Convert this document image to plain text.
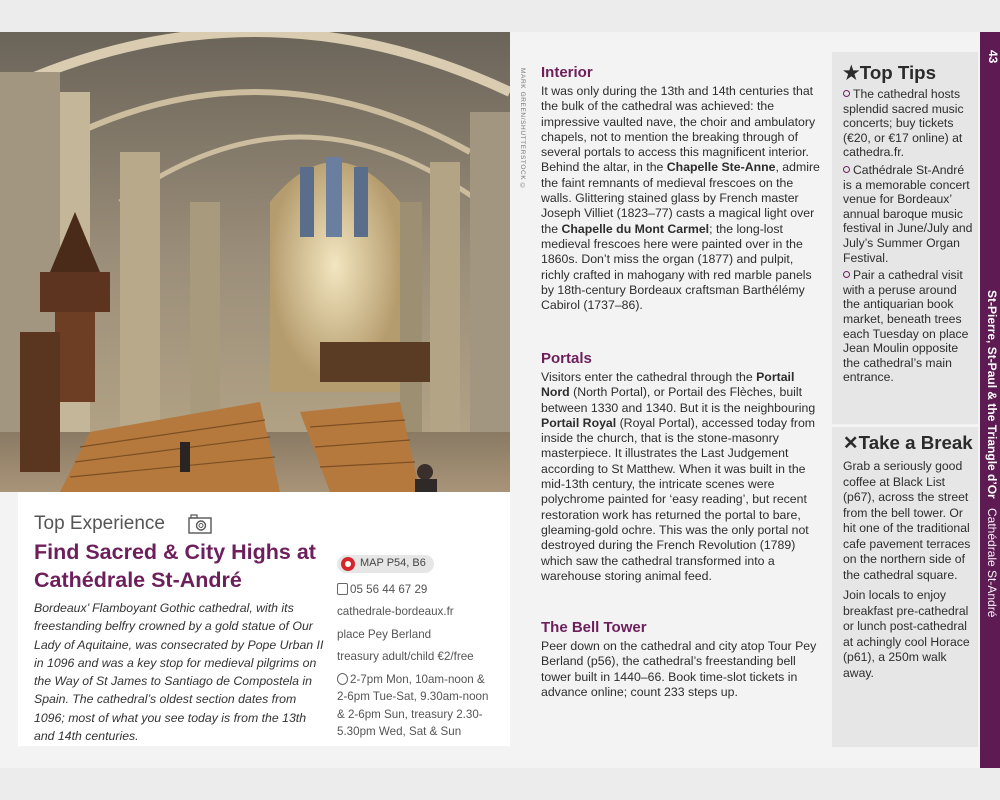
MARK GREEN/SHUTTERSTOCK ©
Top Experience
Find Sacred & City Highs at Cathédrale St-André
Bordeaux’ Flamboyant Gothic cathedral, with its freestanding belfry crowned by a gold statue of Our Lady of Aquitaine, was consecrated by Pope Urban II in 1096 and was a key stop for medieval pilgrims on the Way of St James to Santiago de Compostela in Spain. The cathedral’s oldest section dates from 1096; most of what you see today is from the 13th and 14th centuries.
MAP P54, B6
05 56 44 67 29
cathedrale-bordeaux.fr
place Pey Berland
treasury adult/child €2/free
2-7pm Mon, 10am-noon & 2-6pm Tue-Sat, 9.30am-noon & 2-6pm Sun, treasury 2.30-5.30pm Wed, Sat & Sun
Interior

It was only during the 13th and 14th centuries that the bulk of the cathedral was achieved: the impressive vaulted nave, the choir and ambulatory chapels, not to mention the breaking through of several portals to access this magnificent interior. Behind the altar, in the Chapelle Ste-Anne, admire the faint remnants of medieval frescoes on the walls. Glittering stained glass by French master Joseph Villiet (1823–77) casts a magical light over the Chapelle du Mont Carmel; the long-lost medieval frescoes here were painted over in the 1860s. Don’t miss the organ (1877) and pulpit, richly crafted in mahogany with red marble panels by 18th-century Bordeaux craftsman Barthélémy Cabirol (1737–86).

Portals

Visitors enter the cathedral through the Portail Nord (North Portal), or Portail des Flèches, built between 1330 and 1340. But it is the neighbouring Portail Royal (Royal Portal), accessed today from inside the church, that is the stone-masonry masterpiece. It illustrates the Last Judgement according to St Matthew. When it was built in the mid-13th century, the intricate scenes were polychrome painted for ‘easy reading’, but recent restoration work has returned the portal to bare, gleaming-gold ochre. This was the only portal not destroyed during the French Revolution (1789) which saw the cathedral transformed into a warehouse storing animal feed.

The Bell Tower

Peer down on the cathedral and city atop Tour Pey Berland (p56), the cathedral’s freestanding bell tower built in 1440–66. Book time-slot tickets in advance online; count 233 steps up.

★Top Tips

The cathedral hosts splendid sacred music concerts; buy tickets (€20, or €17 online) at cathedra.fr.

Cathédrale St-André is a memorable concert venue for Bordeaux’ annual baroque music festival in June/July and July’s Summer Organ Festival.

Pair a cathedral visit with a peruse around the antiquarian book market, beneath trees each Tuesday on place Jean Moulin opposite the cathedral’s main entrance.

✕Take a Break

Grab a seriously good coffee at Black List (p67), across the street from the bell tower. Or hit one of the traditional cafe pavement terraces on the northern side of the cathedral square.

Join locals to enjoy breakfast pre-cathedral or lunch post-cathedral at achingly cool Horace (p61), a 250m walk away.

43
St-Pierre, St-Paul & the Triangle d’Or Cathédrale St-André
